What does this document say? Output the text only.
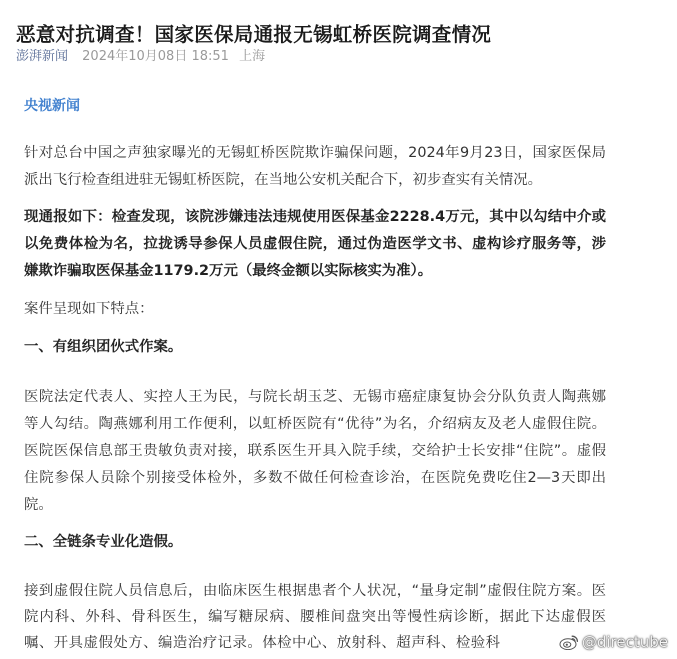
恶意对抗调查！国家医保局通报无锡虹桥医院调查情况
澎湃新闻 2024年10月08日 18:51 上海
央视新闻
针对总台中国之声独家曝光的无锡虹桥医院欺诈骗保问题，2024年9月23日，国家医保局
派出飞行检查组进驻无锡虹桥医院，在当地公安机关配合下，初步查实有关情况。
现通报如下：检查发现，该院涉嫌违法违规使用医保基金2228.4万元，其中以勾结中介或
以免费体检为名，拉拢诱导参保人员虚假住院，通过伪造医学文书、虚构诊疗服务等，涉
嫌欺诈骗取医保基金1179.2万元（最终金额以实际核实为准）。
案件呈现如下特点：
一、有组织团伙式作案。
医院法定代表人、实控人王为民，与院长胡玉芝、无锡市癌症康复协会分队负责人陶燕娜
等人勾结。陶燕娜利用工作便利，以虹桥医院有“优待”为名，介绍病友及老人虚假住院。
医院医保信息部王贵敏负责对接，联系医生开具入院手续，交给护士长安排“住院”。虚假
住院参保人员除个别接受体检外，多数不做任何检查诊治，在医院免费吃住2—3天即出
院。
二、全链条专业化造假。
接到虚假住院人员信息后，由临床医生根据患者个人状况，“量身定制”虚假住院方案。医
院内科、外科、骨科医生，编写糖尿病、腰椎间盘突出等慢性病诊断，据此下达虚假医
嘱、开具虚假处方、编造治疗记录。体检中心、放射科、超声科、检验科	@directube
